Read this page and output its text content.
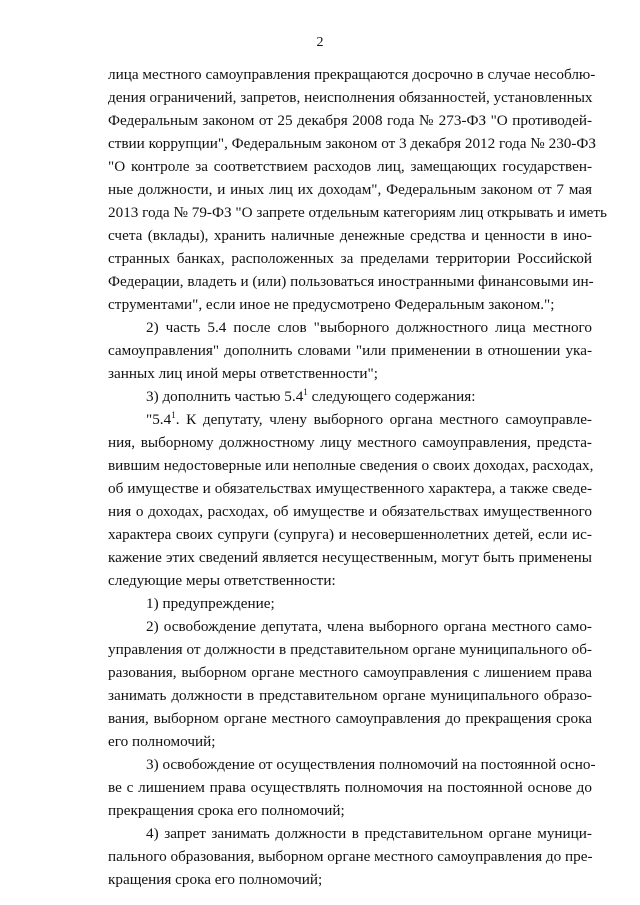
2
лица местного самоуправления прекращаются досрочно в случае несоблю-
дения ограничений, запретов, неисполнения обязанностей, установленных
Федеральным законом от 25 декабря 2008 года № 273-ФЗ "О противодей-
ствии коррупции", Федеральным законом от 3 декабря 2012 года № 230-ФЗ
"О контроле за соответствием расходов лиц, замещающих государствен-
ные должности, и иных лиц их доходам", Федеральным законом от 7 мая
2013 года № 79-ФЗ "О запрете отдельным категориям лиц открывать и иметь
счета (вклады), хранить наличные денежные средства и ценности в ино-
странных банках, расположенных за пределами территории Российской
Федерации, владеть и (или) пользоваться иностранными финансовыми ин-
струментами", если иное не предусмотрено Федеральным законом.";
2) часть 5.4 после слов "выборного должностного лица местного
самоуправления" дополнить словами "или применении в отношении ука-
занных лиц иной меры ответственности";
3) дополнить частью $5.4^1$ следующего содержания:
"$5.4^1$. К депутату, члену выборного органа местного самоуправле-
ния, выборному должностному лицу местного самоуправления, предста-
вившим недостоверные или неполные сведения о своих доходах, расходах,
об имуществе и обязательствах имущественного характера, а также сведе-
ния о доходах, расходах, об имуществе и обязательствах имущественного
характера своих супруги (супруга) и несовершеннолетних детей, если ис-
кажение этих сведений является несущественным, могут быть применены
следующие меры ответственности:
1) предупреждение;
2) освобождение депутата, члена выборного органа местного само-
управления от должности в представительном органе муниципального об-
разования, выборном органе местного самоуправления с лишением права
занимать должности в представительном органе муниципального образо-
вания, выборном органе местного самоуправления до прекращения срока
его полномочий;
3) освобождение от осуществления полномочий на постоянной осно-
ве с лишением права осуществлять полномочия на постоянной основе до
прекращения срока его полномочий;
4) запрет занимать должности в представительном органе муници-
пального образования, выборном органе местного самоуправления до пре-
кращения срока его полномочий;
